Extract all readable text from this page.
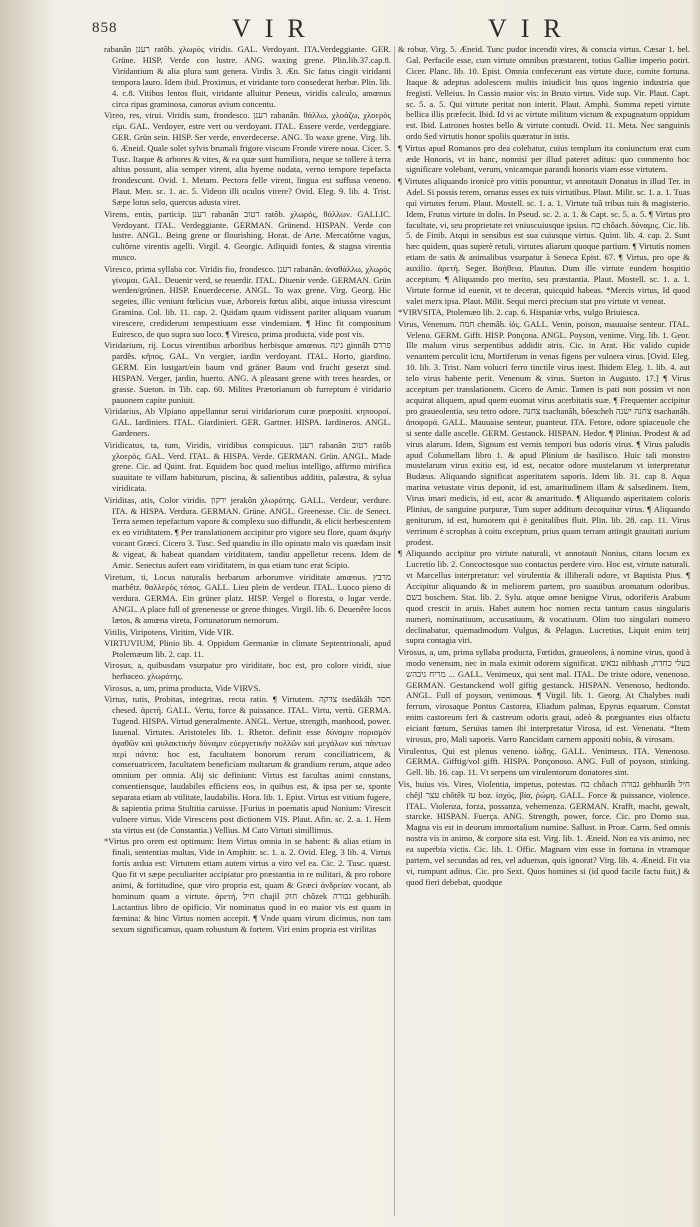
858	VIR	VIR

rabanân רענן ratôb. χλωρός viridis. GAL. Verdoyant. ITA.Verdeggiante. GER. Grüne. HISP. Verde con lustre. ANG. waxing grene. Plin.lib.37.cap.8. Viridantium & alia plura sunt genera. Virdis 3. Æn. Sic fatus cingit viridanti tempora lauro. Idem ibid. Proximus, et viridante toro consederat herbæ. Plin. lib. 4. c.8. Vitibus lentos fluit, viridante alluitur Peneus, viridis calculo, amœnus circa ripas graminosa, canorus avium concentu.

Vireo, res, virui. Viridis sum, frondesco. רענן rabanân. θάλλω, χλοάζω, χλοερὸς εἰμι. GAL. Verdoyer, estre vert ou verdoyant. ITAL. Essere verde, verdeggiare. GER. Grün sein. HISP. Ser verde, enverdecerse. ANG. To waxe grene. Virg. lib. 6. Æneid. Quale solet sylvis brumali frigore viscum Fronde virere noua. Cicer. 5. Tusc. Itaque & arbores & vites, & ea quæ sunt humiliora, neque se tollere à terra altius possunt, alia semper virent, alia hyeme nudata, verno tempore tepefacta frondescunt. Ovid. 1. Metam. Pectora felle virent, lingua est suffusa veneno. Plaut. Men. sc. 1. ac. 5. Videon illi oculos virere? Ovid. Eleg. 9. lib. 4. Trist. Sæpe lotus selo, quercus adusta viret.

Virens, entis, particip. רענן rabanân רטוב ratôb. χλωρός, θάλλων. GALLIC. Verdoyant. ITAL. Verdeggiante. GERMAN. Grünend. HISPAN. Verde con lustre. ANGL. Being grene or flourishing. Horat. de Arte. Mercatôrne vagus, cultôrne virentis agelli. Virgil. 4. Georgic. Atliquidi fontes, & stagna virentia musco.

Viresco, prima syllaba cor. Viridis fio, frondesco. רענן rabanân. ἀναθάλλω, χλωρὸς γίνομαι. GAL. Deuenir verd, se reuerdir. ITAL. Diuenir verde. GERMAN. Grün werden/grünen. HISP. Enuerdecerse. ANGL. To wax grene. Virg. Georg. Hic segetes, illic veniunt fœlicius vuæ, Arboreis fœtus alibi, atque iniussa virescunt Gramina. Col. lib. 11. cap. 2. Quidam quum vidissent pariter aliquam vuarum virescere, crediderunt tempestiuam esse vindemiam. ¶ Hinc fit compositum Euiresco, de quo supra suo loco. ¶ Viresco, prima producta, vide post vis.

Viridarium, rij. Locus virentibus arboribus herbisque amœnus. גינה ginnâh פרדס pardês. κῆπος. GAL. Vn vergier, iardin verdoyant. ITAL. Horto, giardino. GERM. Ein lustgart/ein baum vnd gräner Baum vnd frucht gesetzt sind. HISPAN. Verger, jardin, huerto. ANG. A pleasant grene with trees heardes, or grasse. Sueton. in Tib. cap. 60. Milites Prætorianum ob furreptum è viridario pauonem capite puniuit.

Viridarius, Ab Vlpiano appellantur serui viridariorum curæ præpositi. κηπουροί. GAL. Iardiniers. ITAL. Giardinieri. GER. Gartner. HISPA. Iardineros. ANGL. Gardeners.

Viridicatus, ta, tum, Viridis, viridibus conspicuus. רענן rabanân רטוב ratôb χλοερός. GAL. Verd. ITAL. & HISPA. Verde. GERMAN. Grün. ANGL. Made grene. Cic. ad Quint. frat. Equidem hoc quod melius intelligo, affirmo mirifica suauitate te villam habiturum, piscina, & salientibus additis, palæstra, & sylua viridicata.

Viriditas, atis, Color viridis. ירקון jerakôn χλωρότης. GALL. Verdeur, verdure. ITA. & HISPA. Verdura. GERMAN. Grüne. ANGL. Greenesse. Cic. de Senect. Terra semen tepefactum vapore & complexu suo diffundit, & elicit herbescentem ex eo viriditatem. ¶ Per translationem accipitur pro vigore seu flore, quam ἀκμὴν vocant Græci. Cicero 3. Tusc. Sed quandiu in illo opinato malo vis quædam insit & vigeat, & habeat quandam viriditatem, tandiu appelletur recens. Idem de Amic. Senectus aufert eam viriditatem, in qua etiam tunc erat Scipio.

Viretum, ti, Locus naturalis herbarum arborumve viriditate amœnus. מרבץ marbêtz. θαλλερὸς τόπος. GALL. Lieu plein de verdeur. ITAL. Luoco pieno di verdura. GERMA. Ein grüner platz. HISP. Vergel o floresta, o lugar verde. ANGL. A place full of grenenesse or grene thinges. Virgil. lib. 6. Deuenêre locos lætos, & amœna vireta, Fortunatorum nemorum.

Vitilis, Viripotens, Viritim, Vide VIR.

VIRTUVIUM, Plinio lib. 4. Oppidum Germaniæ in climate Septentrionali, apud Ptolemæum lib. 2. cap. 11.

Virosus, a, quibusdam vsurpatur pro viriditate, hoc est, pro colore viridi, siue herbaceo. χλωρότης.

Virosus, a, um, prima producta, Vide VIRVS.

Virtus, tutis, Probitas, integritas, recta ratio. ¶ Virtutem. צדקה tsedâkâh חסד chesed. ἀρετή. GALL. Vertu, force & puissance. ITAL. Virtu, vertù. GERMA. Tugend. HISPA. Virtud generalmente. ANGL. Vertue, strength, manhood, power. Iuuenal. Virtutes. Aristoteles lib. 1. Rhetor. definit esse δύναμιν πορισμὸν ἀγαθῶν καὶ φυλακτικὴν δύναμιν εὐεργετικὴν πολλῶν καὶ μεγάλων καὶ πάντων περὶ πάντα: hoc est, facultatem bonorum rerum conciliatricem, & conseruatricem, facultatem beneficiam multarum & grandium rerum, atque adeo omnium per omnia. Alij sic definiunt: Virtus est facultas animi constans, consentiensque, laudabiles efficiens eos, in quibus est, & ipsa per se, sponte separata etiam ab vtilitate, laudabilis. Hora. lib. 1. Epist. Virtus est vitium fugere, & sapientia prima Stultitia caruisse. [Furius in poematis apud Nonium: Virescit vulnere virtus. Vide Virescens post dictionem VIS. Plaut. Afin. sc. 2. a. 1. Hem sta virtus est (de Constantia.) Vellius. M Cato Virtuti simillimus.

*Virtus pro orem est optimum: Item Virtus omnia in se habent: & alias etiam in finali, sententias multas, Vide in Amphitr. sc. 1. a. 2. Ovid. Eleg. 3 lib. 4. Virtus fortis ardua est: Virtutem etiam autem virtus a viro vel ea. Cic. 2. Tusc. quæst. Quo fit vt sæpe peculiariter accipiatur pro præstantia in re militari, & pro robore animi, & fortitudine, quæ viro propria est, quam & Græci ἀνδρείαν vocant, ab hominum quam a virtute. ἀρετή, חיל chajil חזק chôzek גבורה gebhurâh. Lactantius libro de opificio. Vir nominatus quod in eo maior vis est quam in fœmina: & hinc Virtus nomen accepit. ¶ Vnde quam virum dicimus, non tam sexum significamus, quam robustum & fortem. Viri enim propria est virilitas

& robur. Virg. 5. Æneid. Tunc pudor incendit vires, & conscia virtus. Cæsar 1. bel. Gal. Perfacile esse, cum virtute omnibus præstarent, totius Galliæ imperio potiri. Cicer. Planc. lib. 10. Epist. Omnia confecerunt eas virtute duce, comite fortuna. Itaque & adeptus adolescens multis iniudicit bus quos ingenio industria que fregisti. Velleius. In Cassio maior vis: in Bruto virtus. Vide sup. Vir. Plaut. Capt. sc. 5. a. 5. Qui virtute peritat non interit. Plaut. Amphi. Summa repeti virtute bellica illis præfecit. Ibid. Id vi ac virtute militum victum & expugnatum oppidum est. Ibid. Latrones hostes bello & virtute contudi. Ovid. 11. Meta. Nec sanguinis ordo Sed virtutis honor spoliis quæratur in istis.

¶ Virtus apud Romanos pro dea colebatur, cuius templum ita coniunctum erat cum æde Honoris, vt in hanc, nonnisi per illud pateret aditus: quo commento hoc significare volebant, verum, vnicamque parandi honoris viam esse virtutem.

¶ Virtutes aliquando ironicè pro vitiis ponuntur, vt annotauit Donatus in illud Ter. in Adel. Si possis terem, ornatus esses ex tuis virtutibus. Plaut. Milit. sc. 1. a. 1. Tuas qui virtutes ferum. Plaut. Mostell. sc. 1. a. 1. Virtute tuâ tribus tuis & magisterio. Idem, Frutus virtute in dolis. In Pseud. sc. 2. a. 1. & Capt. sc. 5. a. 5. ¶ Virtus pro facultate, vi, seu proprietate rei vniuscuiusque ipsius. כח chôach. δύναμις. Cic. lib. 5. de Finib. Atqui in sensibus est sua cuiusque virtus. Quint. lib. 4. cap. 2. Sunt hæc quidem, quas superè retuli, virtutes aliarum quoque partium. ¶ Virtutis nomen etiam de satis & animalibus vsurpatur à Seneca Epist. 67. ¶ Virtus, pro ope & auxilio. ἀρετή. Seger. Βοήθεια. Plautus. Dum ille virtute eundem hospitio acceptum. ¶ Aliquando pro merito, seu præstantia. Plaut. Mostell. sc. 1. a. 1. Virtute formæ id euenit, vt te decerat, quicquid habeas. *Mercis virtus, Id quod valet merx ipsa. Plaut. Milit. Sequi merci precium stat pro virtute vt veneat.

*VIRVSITA, Ptolemæo lib. 2. cap. 6. Hispaniæ vrbs, vulgo Briuiesca.

Virus, Venenum. חמה chemâh. ἰός. GALL. Venin, poison, mauuaise senteur. ITAL. Veleno. GERM. Gifft. HISP. Ponçona. ANGL. Poyson, venime. Virg. lib. 1. Geor. Ille malum virus serpentibus addidit atris. Cic. in Arat. Hic valido cupide venantem perculit ictu, Mortiferum in venas figens per vulnera virus. [Ovid. Eleg. 10. lib. 3. Trist. Nam volucri ferro tinctile virus inest. Ibidem Eleg. 1. lib. 4. aut telo virus habente perit. Venenum & virus. Sueton in Augusto. 17.] ¶ Virus acceptum per translationem. Cicero de Amic. Tamen is pati non possim vt non acquirat aliquem, apud quem euomat virus acerbitatis suæ. ¶ Frequenter accipitur pro graueolentia, seu tetro odore. צחנה tsachanâh, bôescheh צחנה ישנה tsachanâh. ἀποφορά. GALL. Mauuaise senteur, puanteur. ITA. Fetore, odore spiaceuole che si sente dalle ascelle. GERM. Gestanck. HISPAN. Hedor. ¶ Plinius. Prodest & ad virus alarum. Idem, Signum est vernis tempori bus odoris virus. ¶ Virus paludis apud Columellam libro 1. & apud Plinium de basilisco. Huic tali monstro mustelarum virus exitio est, id est, necator odore mustelarum vt interpretatur Budæus. Aliquando significat asperitatem saporis. Idem lib. 31. cap 8. Aqua marina vetustate virus deponit, id est, amaritudinem illam & salsedinem. Item, Virus imari medicis, id est, acor & amaritudo. ¶ Aliquando asperitatem coloris Plinius, de sanguine purpuræ, Tum super additum decoquitur virus. ¶ Aliquando geniturum, id est, humorem qui è genitalibus fluit. Plin. lib. 28. cap. 11. Virus verrinum è scrophas à coitu exceptum, prius quam terram attingit grauitati aurium prodest.

¶ Aliquando accipitur pro virtute naturali, vt annotauit Nonius, citans locum ex Lucretio lib. 2. Concoctosque suo contactus perdere viro. Hoc est, virtute naturali. vt Marcellus interpretatur: vel virulentia & illiberali odore, vt Baptista Pius. ¶ Accipitur aliquando & in meliorem partem, pro suauibus aromatum odoribus. בשם boschem. Stat. lib. 2. Sylu. atque omne benigne Virus, odoriferis Arabum quod crescit in aruis. Habet autem hoc nomen recta tantum casus singularis numeri, nominatiuum, accusatiuum, & vocatiuum. Olim tuo singulari numero declinabatur, quemadmodum Vulgus, & Pelagus. Lucretius, Liquit enim tetrj supra contagia viri.

Virosus, a, um, prima syllaba producta, Fœtidus, graueolens, à nomine virus, quod à modo venenum, nec in mala eximit odorem significat. נבאש nibhash בעלי כחדת, מריח ניבהש ... GALL. Venimeux, qui sent mal. ITAL. De triste odore, venenoso. GERMAN. Gestanckend woll giftig gestanck. HISPAN. Venenoso, hediondo. ANGL. Full of poyson, venimous. ¶ Virgil. lib. 1. Georg. At Chalybes nudi ferrum, virosaque Pontus Castorea, Eliadum palmas, Epyrus equarum. Constat enim castoreum feri & castreum odoris graui, adeò & prægnantes eius olfactu eiciant fœtum, Seruius tamen ibi interpretatur Virosa, id est. Venenata. *Item virosus, pro, Mali saporis. Varro Rancidam carnem appositi nobis, & virosam.

Virulentus, Qui est plenus veneno. ἰώδης. GALL. Venimeux. ITA. Venenoso. GERMA. Gifftig/vol gifft. HISPA. Ponçonoso. ANG. Full of poyson, stinking. Gell. lib. 16. cap. 11. Vt serpens um virulentorum donatores sint.

Vis, huius vis. Vires, Violentia, impetus, potestas. כח chôach גבורה gebhurâh חיל chêjl עצר chôtêk עז boz. ἰσχύς, βία, ῥώμη. GALL. Force & puissance, violence. ITAL. Violenza, forza, possanza, vehemenza. GERMAN. Krafft, macht, gewalt, starcke. HISPAN. Fuerça. ANG. Strength, power, force. Cic. pro Domo sua. Magna vis est in deorum immortalium numine. Sallust. in Proæ. Carm. Sed omnis nostra vis in animo, & corpore sita est. Virg. lib. 1. Æneid. Non ea vis animo, nec ea superbia victis. Cic. lib. 1. Offic. Magnam vim esse in fortuna in vtramque partem, vel secundas ad res, vel aduersas, quis ignorat? Virg. lib. 4. Æneid. Fit via vi, rumpunt aditus. Cic. pro Sext. Quos homines si (id quod facile factu fuit,) & quod fieri debebat, quodque
